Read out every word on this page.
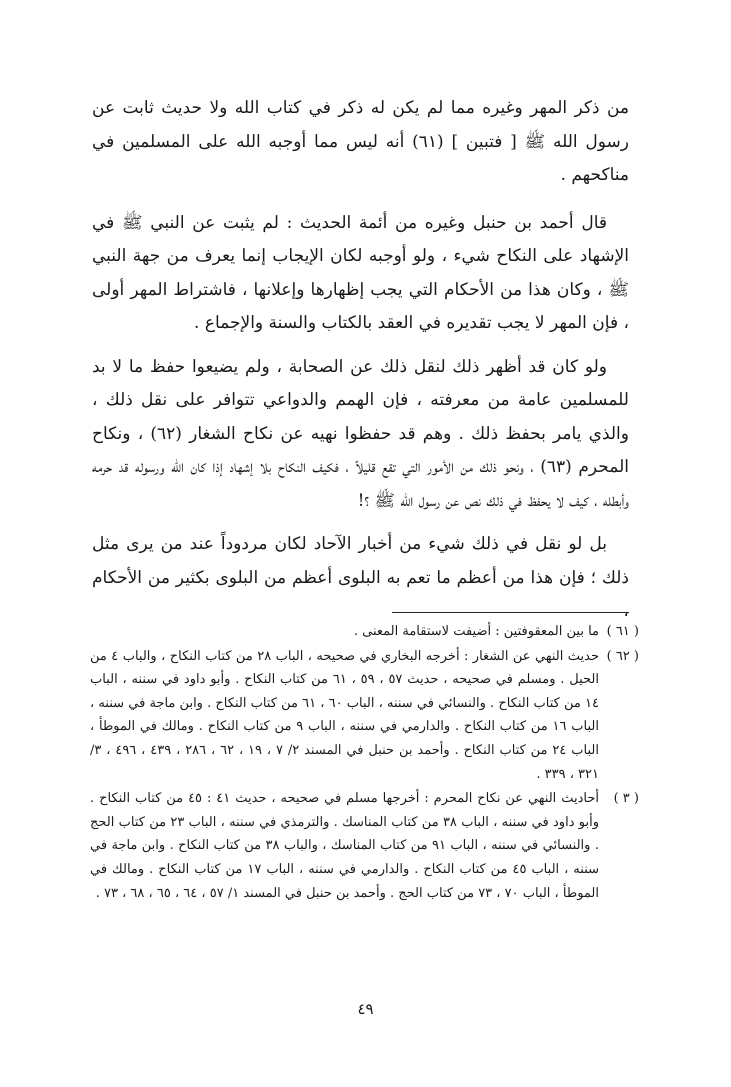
من ذكر المهر وغيره مما لم يكن له ذكر في كتاب الله ولا حديث ثابت عن رسول الله ﷺ [ فتبين ] (٦١) أنه ليس مما أوجبه الله على المسلمين في مناكحهم .

قال أحمد بن حنبل وغيره من أئمة الحديث : لم يثبت عن النبي ﷺ في الإشهاد على النكاح شيء ، ولو أوجبه لكان الإيجاب إنما يعرف من جهة النبي ﷺ ، وكان هذا من الأحكام التي يجب إظهارها وإعلانها ، فاشتراط المهر أولى ، فإن المهر لا يجب تقديره في العقد بالكتاب والسنة والإجماع .

ولو كان قد أظهر ذلك لنقل ذلك عن الصحابة ، ولم يضيعوا حفظ ما لا بد للمسلمين عامة من معرفته ، فإن الهمم والدواعي تتوافر على نقل ذلك ، والذي يامر بحفظ ذلك . وهم قد حفظوا نهيه عن نكاح الشغار (٦٢) ، ونكاح المحرم (٦٣) ، ونحو ذلك من الأمور التي تقع قليلاً ، فكيف النكاح بلا إشهاد إذا كان الله ورسوله قد حرمه وأبطله ، كيف لا يحفظ في ذلك نص عن رسول الله ﷺ ؟!

بل لو نقل في ذلك شيء من أخبار الآحاد لكان مردوداً عند من يرى مثل ذلك ؛ فإن هذا من أعظم ما تعم به البلوى أعظم من البلوى بكثير من الأحكام ،

( ٦١ )
ما بين المعقوفتين : أضيفت لاستقامة المعنى .
( ٦٢ )
حديث النهي عن الشغار : أخرجه البخاري في صحيحه ، الباب ٢٨ من كتاب النكاح ، والباب ٤ من الحيل . ومسلم في صحيحه ، حديث ٥٧ ، ٥٩ ، ٦١ من كتاب النكاح . وأبو داود في سننه ، الباب ١٤ من كتاب النكاح . والنسائي في سننه ، الباب ٦٠ ، ٦١ من كتاب النكاح . وابن ماجة في سننه ، الباب ١٦ من كتاب النكاح . والدارمي في سننه ، الباب ٩ من كتاب النكاح . ومالك في الموطأ ، الباب ٢٤ من كتاب النكاح . وأحمد بن حنبل في المسند ٢/ ٧ ، ١٩ ، ٦٢ ، ٢٨٦ ، ٤٣٩ ، ٤٩٦ ، ٣/ ٣٢١ ، ٣٣٩ .
( ٣ )
أحاديث النهي عن نكاح المحرم : أخرجها مسلم في صحيحه ، حديث ٤١ : ٤٥ من كتاب النكاح . وأبو داود في سننه ، الباب ٣٨ من كتاب المناسك . والترمذي في سننه ، الباب ٢٣ من كتاب الحج . والنسائي في سننه ، الباب ٩١ من كتاب المناسك ، والباب ٣٨ من كتاب النكاح . وابن ماجة في سننه ، الباب ٤٥ من كتاب النكاح . والدارمي في سننه ، الباب ١٧ من كتاب النكاح . ومالك في الموطأ ، الباب ٧٠ ، ٧٣ من كتاب الحج . وأحمد بن حنبل في المسند ١/ ٥٧ ، ٦٤ ، ٦٥ ، ٦٨ ، ٧٣ .
٤٩
